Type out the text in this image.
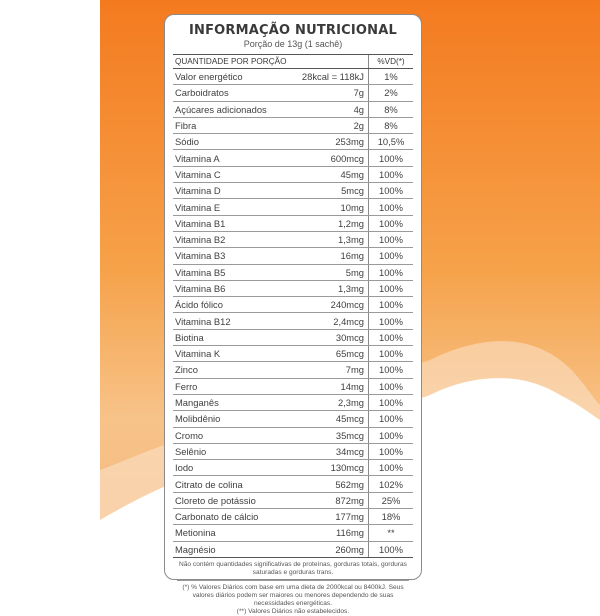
INFORMAÇÃO NUTRICIONAL
Porção de 13g (1 sachê)
QUANTIDADE POR PORÇÃO		%VD(*)
Valor energético	28kcal = 118kJ	1%
Carboidratos	7g	2%
Açúcares adicionados	4g	8%
Fibra	2g	8%
Sódio	253mg	10,5%
Vitamina A	600mcg	100%
Vitamina C	45mg	100%
Vitamina D	5mcg	100%
Vitamina E	10mg	100%
Vitamina B1	1,2mg	100%
Vitamina B2	1,3mg	100%
Vitamina B3	16mg	100%
Vitamina B5	5mg	100%
Vitamina B6	1,3mg	100%
Ácido fólico	240mcg	100%
Vitamina B12	2,4mcg	100%
Biotina	30mcg	100%
Vitamina K	65mcg	100%
Zinco	7mg	100%
Ferro	14mg	100%
Manganês	2,3mg	100%
Molibdênio	45mcg	100%
Cromo	35mcg	100%
Selênio	34mcg	100%
Iodo	130mcg	100%
Citrato de colina	562mg	102%
Cloreto de potássio	872mg	25%
Carbonato de cálcio	177mg	18%
Metionina	116mg	**
Magnésio	260mg	100%
Não contém quantidades significativas de proteínas, gorduras totais, gorduras saturadas e gorduras trans.
(*) % Valores Diários com base em uma dieta de 2000kcal ou 8400kJ. Seus valores diários podem ser maiores ou menores dependendo de suas necessidades energéticas.
(**) Valores Diários não estabelecidos.
